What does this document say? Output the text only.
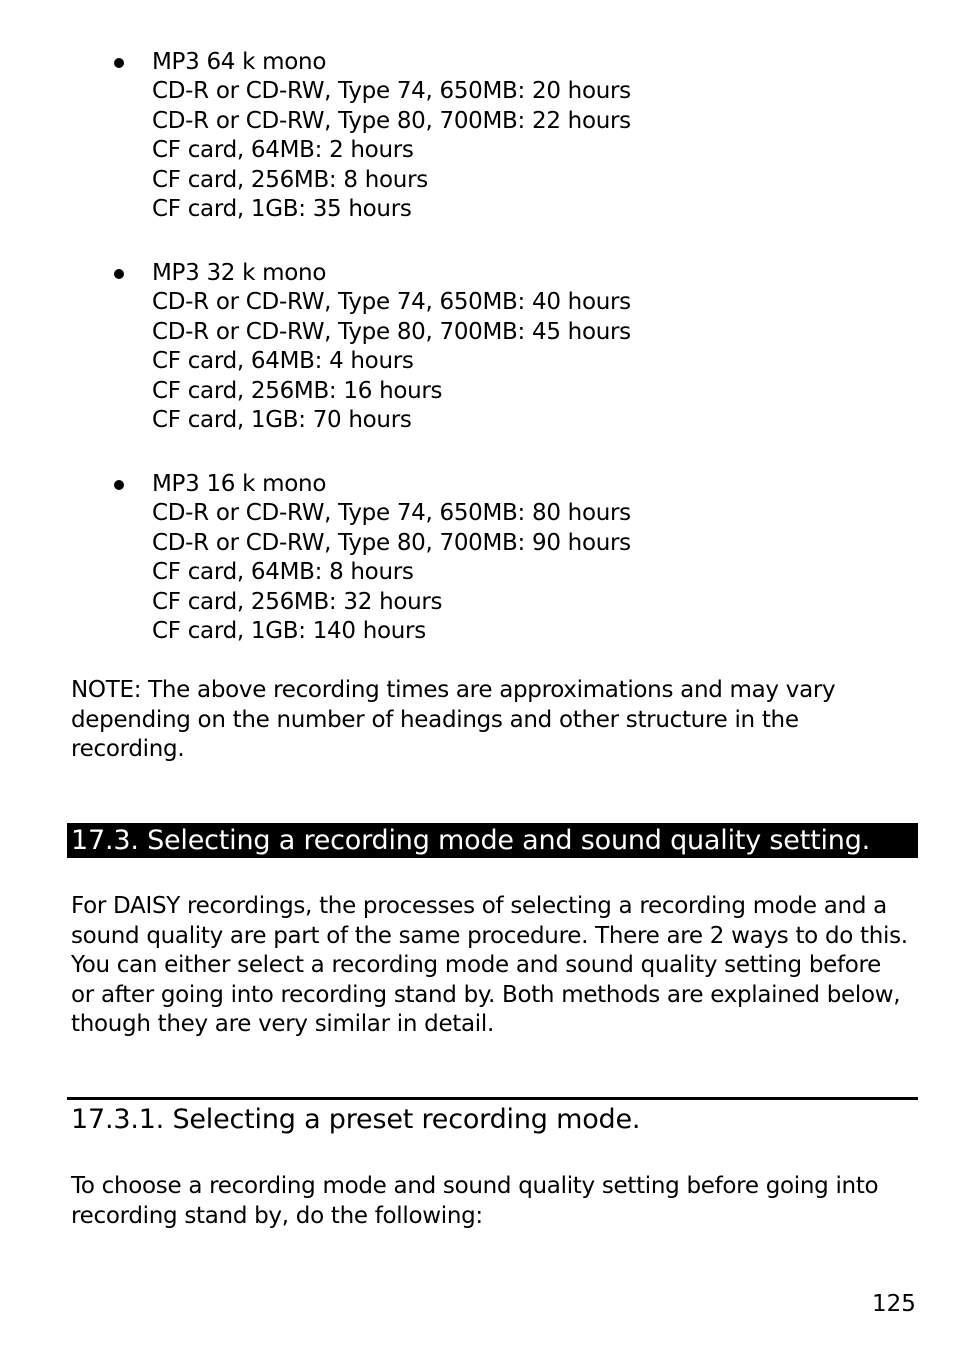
MP3 64 k mono
CD-R or CD-RW, Type 74, 650MB: 20 hours
CD-R or CD-RW, Type 80, 700MB: 22 hours
CF card, 64MB: 2 hours
CF card, 256MB: 8 hours
CF card, 1GB: 35 hours
MP3 32 k mono
CD-R or CD-RW, Type 74, 650MB: 40 hours
CD-R or CD-RW, Type 80, 700MB: 45 hours
CF card, 64MB: 4 hours
CF card, 256MB: 16 hours
CF card, 1GB: 70 hours
MP3 16 k mono
CD-R or CD-RW, Type 74, 650MB: 80 hours
CD-R or CD-RW, Type 80, 700MB: 90 hours
CF card, 64MB: 8 hours
CF card, 256MB: 32 hours
CF card, 1GB: 140 hours
NOTE: The above recording times are approximations and may vary
depending on the number of headings and other structure in the
recording.
17.3. Selecting a recording mode and sound quality setting.
For DAISY recordings, the processes of selecting a recording mode and a
sound quality are part of the same procedure. There are 2 ways to do this.
You can either select a recording mode and sound quality setting before
or after going into recording stand by. Both methods are explained below,
though they are very similar in detail.
17.3.1. Selecting a preset recording mode.
To choose a recording mode and sound quality setting before going into
recording stand by, do the following:
125
